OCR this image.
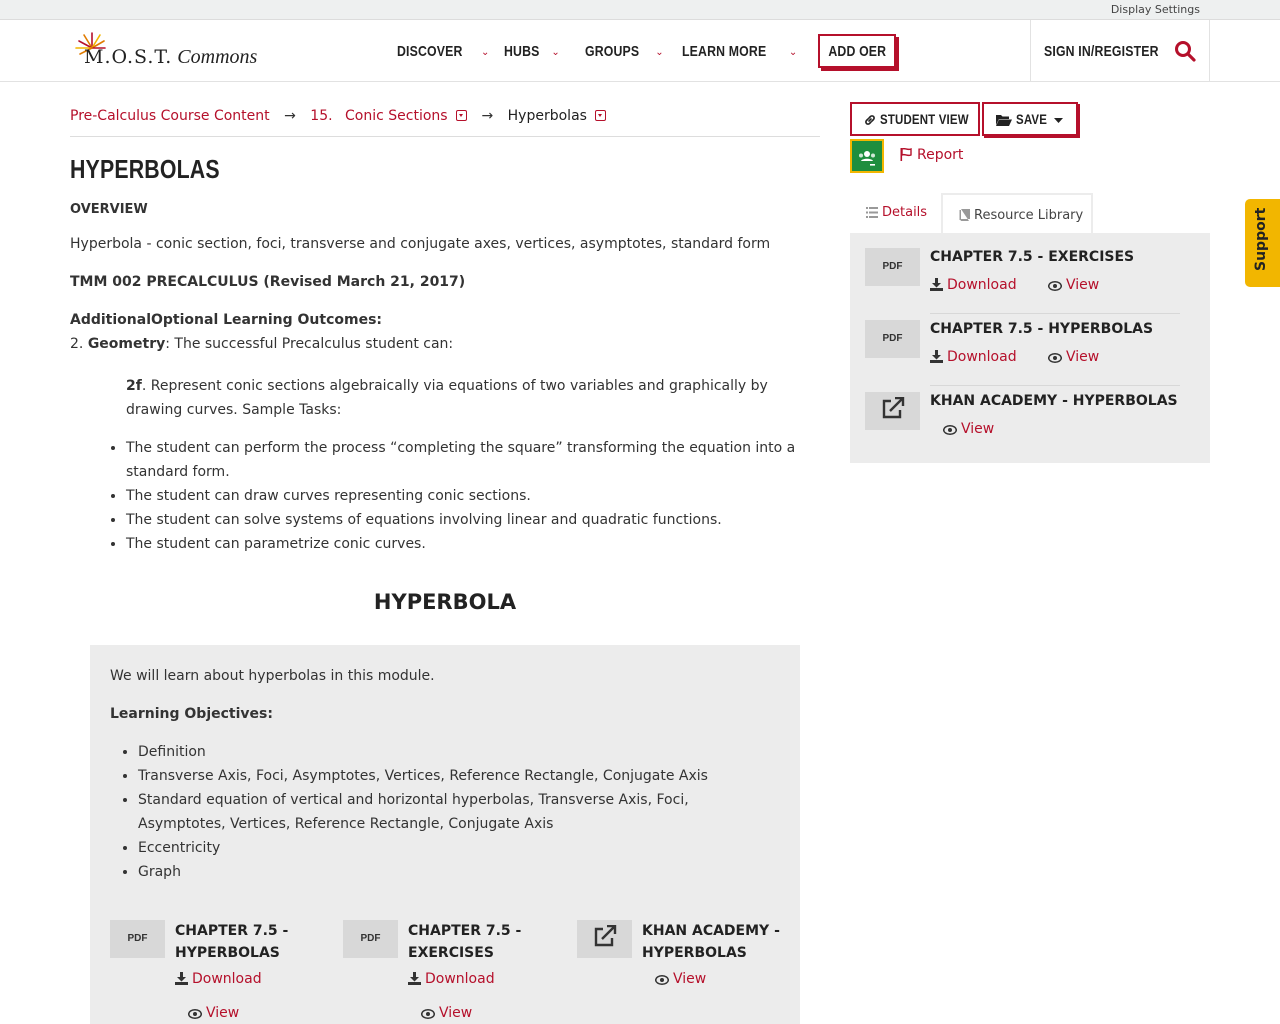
Display Settings
M.O.S.T. Commons	DISCOVER ⌄ HUBS ⌄ GROUPS ⌄ LEARN MORE ⌄	ADD OER	SIGN IN/REGISTER
Pre-Calculus Course Content → 15. Conic Sections → Hyperbolas
HYPERBOLAS
OVERVIEW
Hyperbola - conic section, foci, transverse and conjugate axes, vertices, asymptotes, standard form
TMM 002 PRECALCULUS (Revised March 21, 2017)
AdditionalOptional Learning Outcomes:
2. Geometry: The successful Precalculus student can:
2f. Represent conic sections algebraically via equations of two variables and graphically by drawing curves. Sample Tasks:
• The student can perform the process “completing the square” transforming the equation into a standard form.
• The student can draw curves representing conic sections.
• The student can solve systems of equations involving linear and quadratic functions.
• The student can parametrize conic curves.
HYPERBOLA
We will learn about hyperbolas in this module.
Learning Objectives:
• Definition
• Transverse Axis, Foci, Asymptotes, Vertices, Reference Rectangle, Conjugate Axis
• Standard equation of vertical and horizontal hyperbolas, Transverse Axis, Foci, Asymptotes, Vertices, Reference Rectangle, Conjugate Axis
• Eccentricity
• Graph
PDF	CHAPTER 7.5 - HYPERBOLAS
Download
View
PDF	CHAPTER 7.5 - EXERCISES
Download
View
KHAN ACADEMY - HYPERBOLAS
View
STUDENT VIEW	SAVE
Report
Details	Resource Library
PDF
CHAPTER 7.5 - EXERCISES
Download	View
PDF
CHAPTER 7.5 - HYPERBOLAS
Download	View
KHAN ACADEMY - HYPERBOLAS
View
Support
